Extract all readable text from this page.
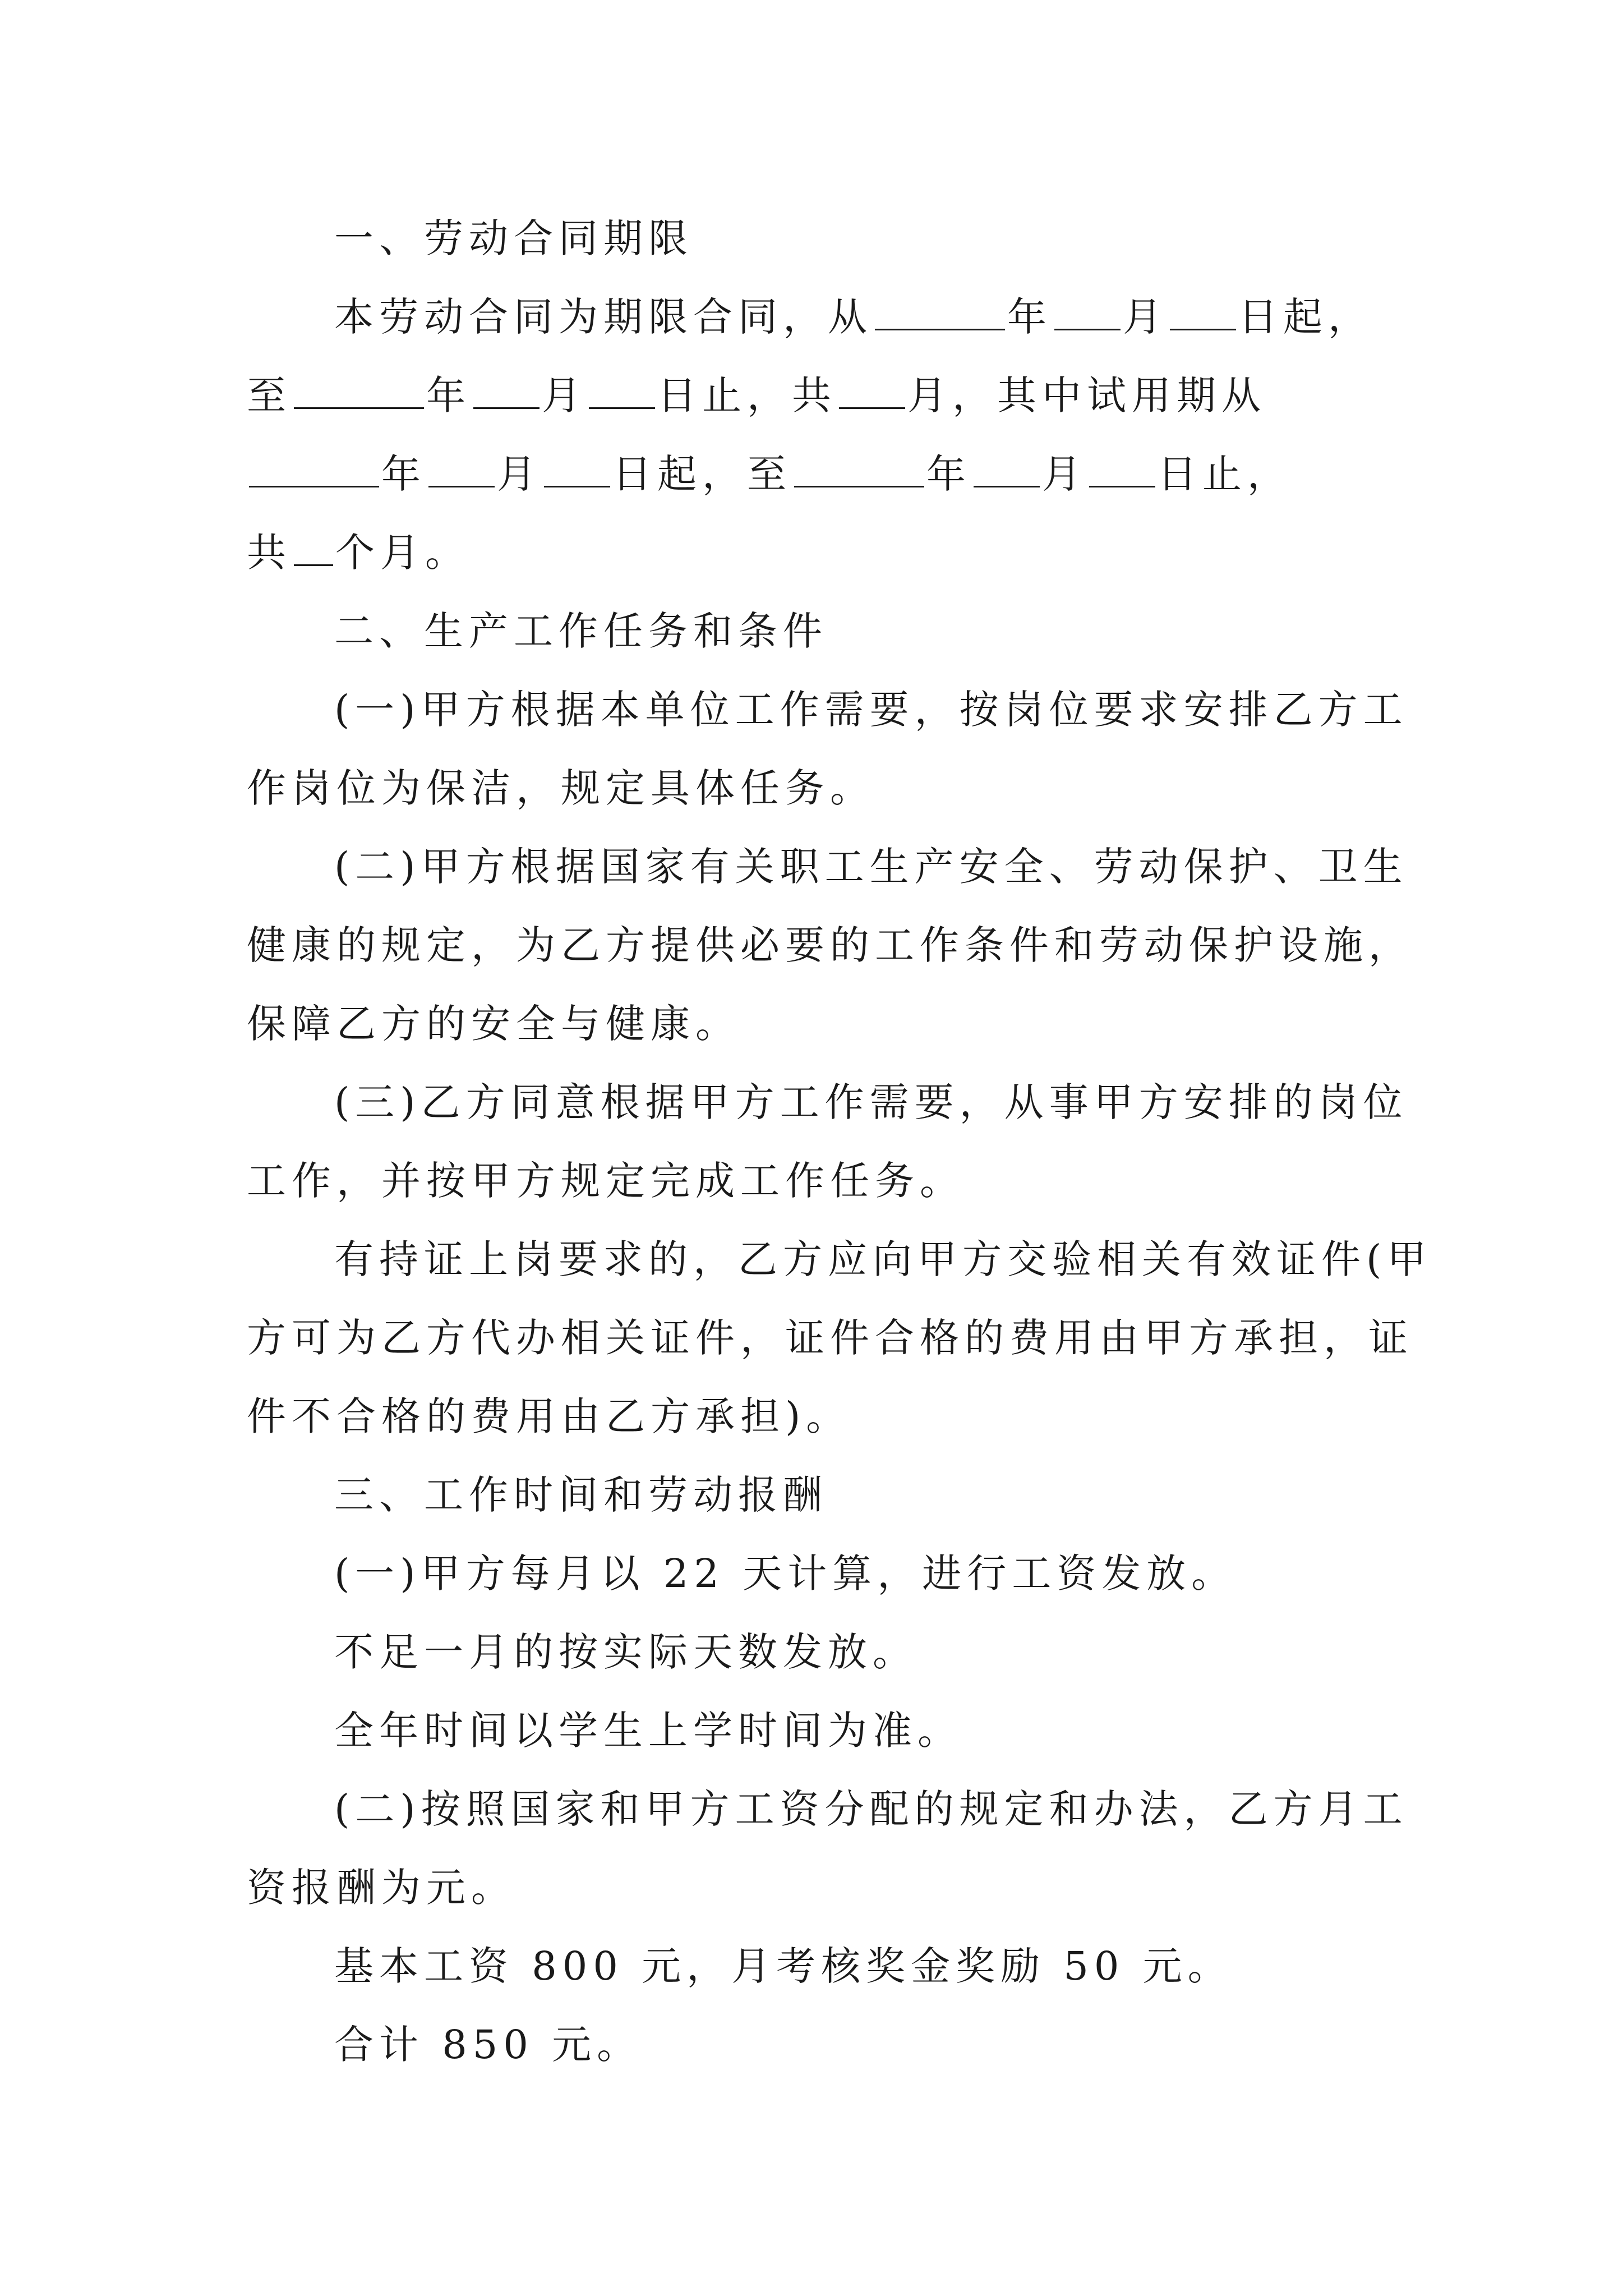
一、劳动合同期限
本劳动合同为期限合同，从	年 月 日起，
至	年 月 日止，共 月，其中试用期从
年 月 日起，至	年 月 日止，
共 个月。
二、生产工作任务和条件
(一)甲方根据本单位工作需要，按岗位要求安排乙方工
作岗位为保洁，规定具体任务。
(二)甲方根据国家有关职工生产安全、劳动保护、卫生
健康的规定，为乙方提供必要的工作条件和劳动保护设施，
保障乙方的安全与健康。
(三)乙方同意根据甲方工作需要，从事甲方安排的岗位
工作，并按甲方规定完成工作任务。
有持证上岗要求的，乙方应向甲方交验相关有效证件(甲
方可为乙方代办相关证件，证件合格的费用由甲方承担，证
件不合格的费用由乙方承担)。
三、工作时间和劳动报酬
(一)甲方每月以 22 天计算，进行工资发放。
不足一月的按实际天数发放。
全年时间以学生上学时间为准。
(二)按照国家和甲方工资分配的规定和办法，乙方月工
资报酬为元。
基本工资 800 元，月考核奖金奖励 50 元。
合计 850 元。
